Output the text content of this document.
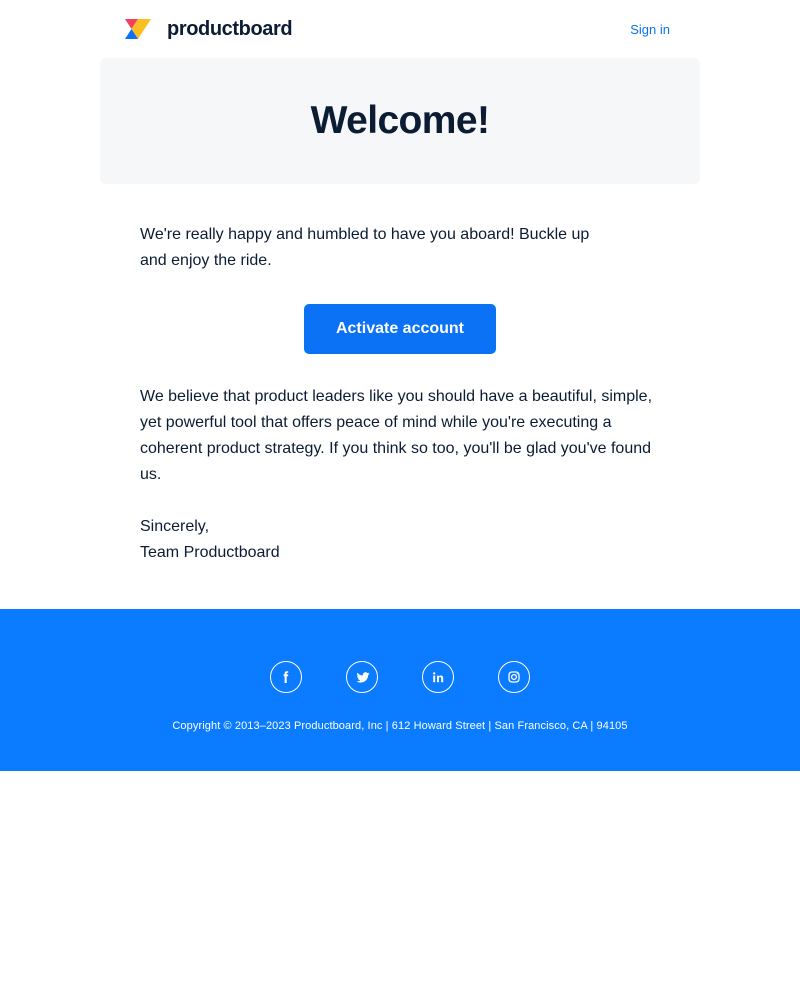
productboard	Sign in
Welcome!

We're really happy and humbled to have you aboard! Buckle up and enjoy the ride.

Activate account

We believe that product leaders like you should have a beautiful, simple, yet powerful tool that offers peace of mind while you're executing a coherent product strategy. If you think so too, you'll be glad you've found us.

Sincerely,
Team Productboard
Copyright © 2013–2023 Productboard, Inc | 612 Howard Street | San Francisco, CA | 94105
